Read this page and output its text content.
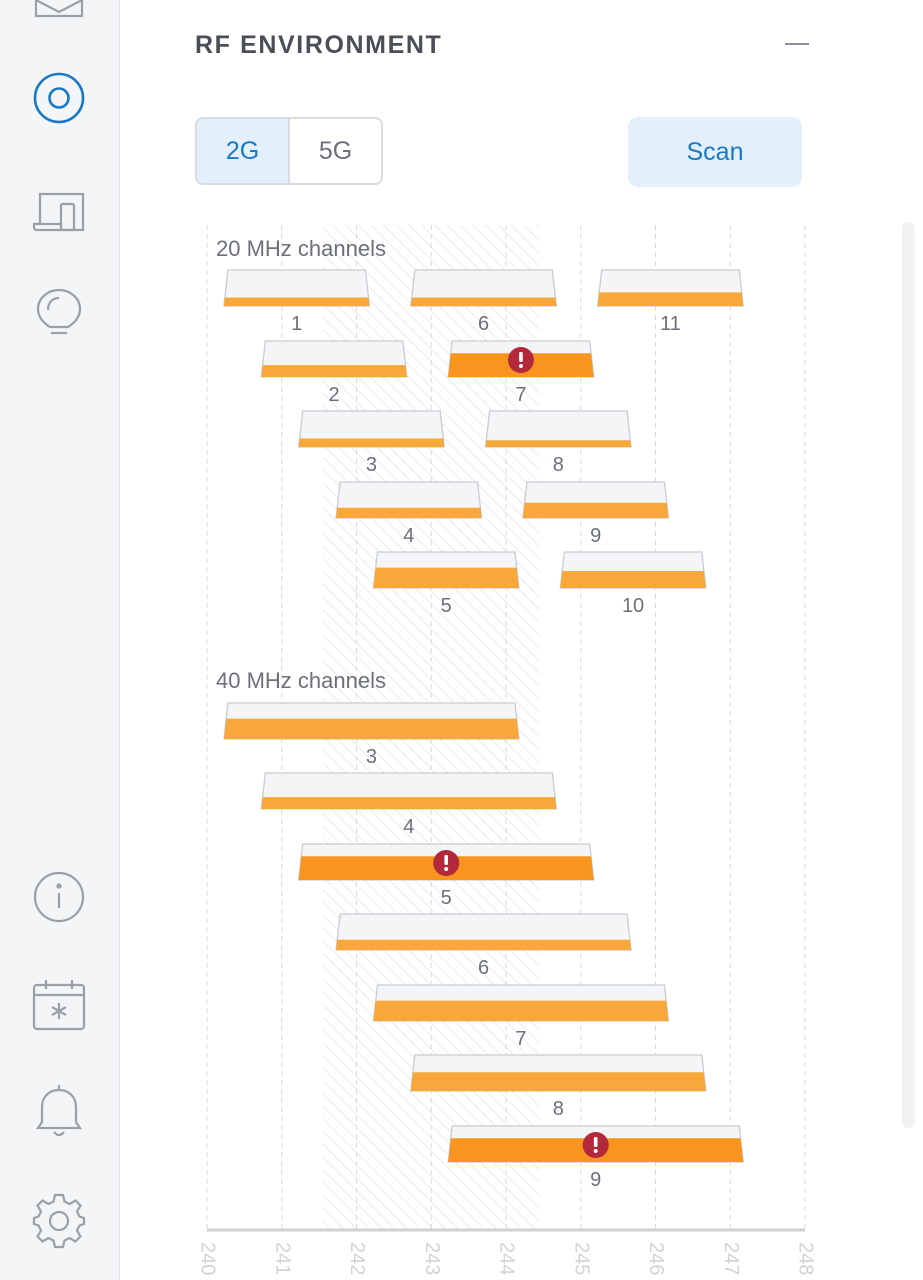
RF ENVIRONMENT
2G	5G	Scan
20 MHz channels
1
2
3
4
5
6
7
8
9
10
11
40 MHz channels
3
4
5
6
7
8
9
240	241	242	243	244	245	246	247	248
